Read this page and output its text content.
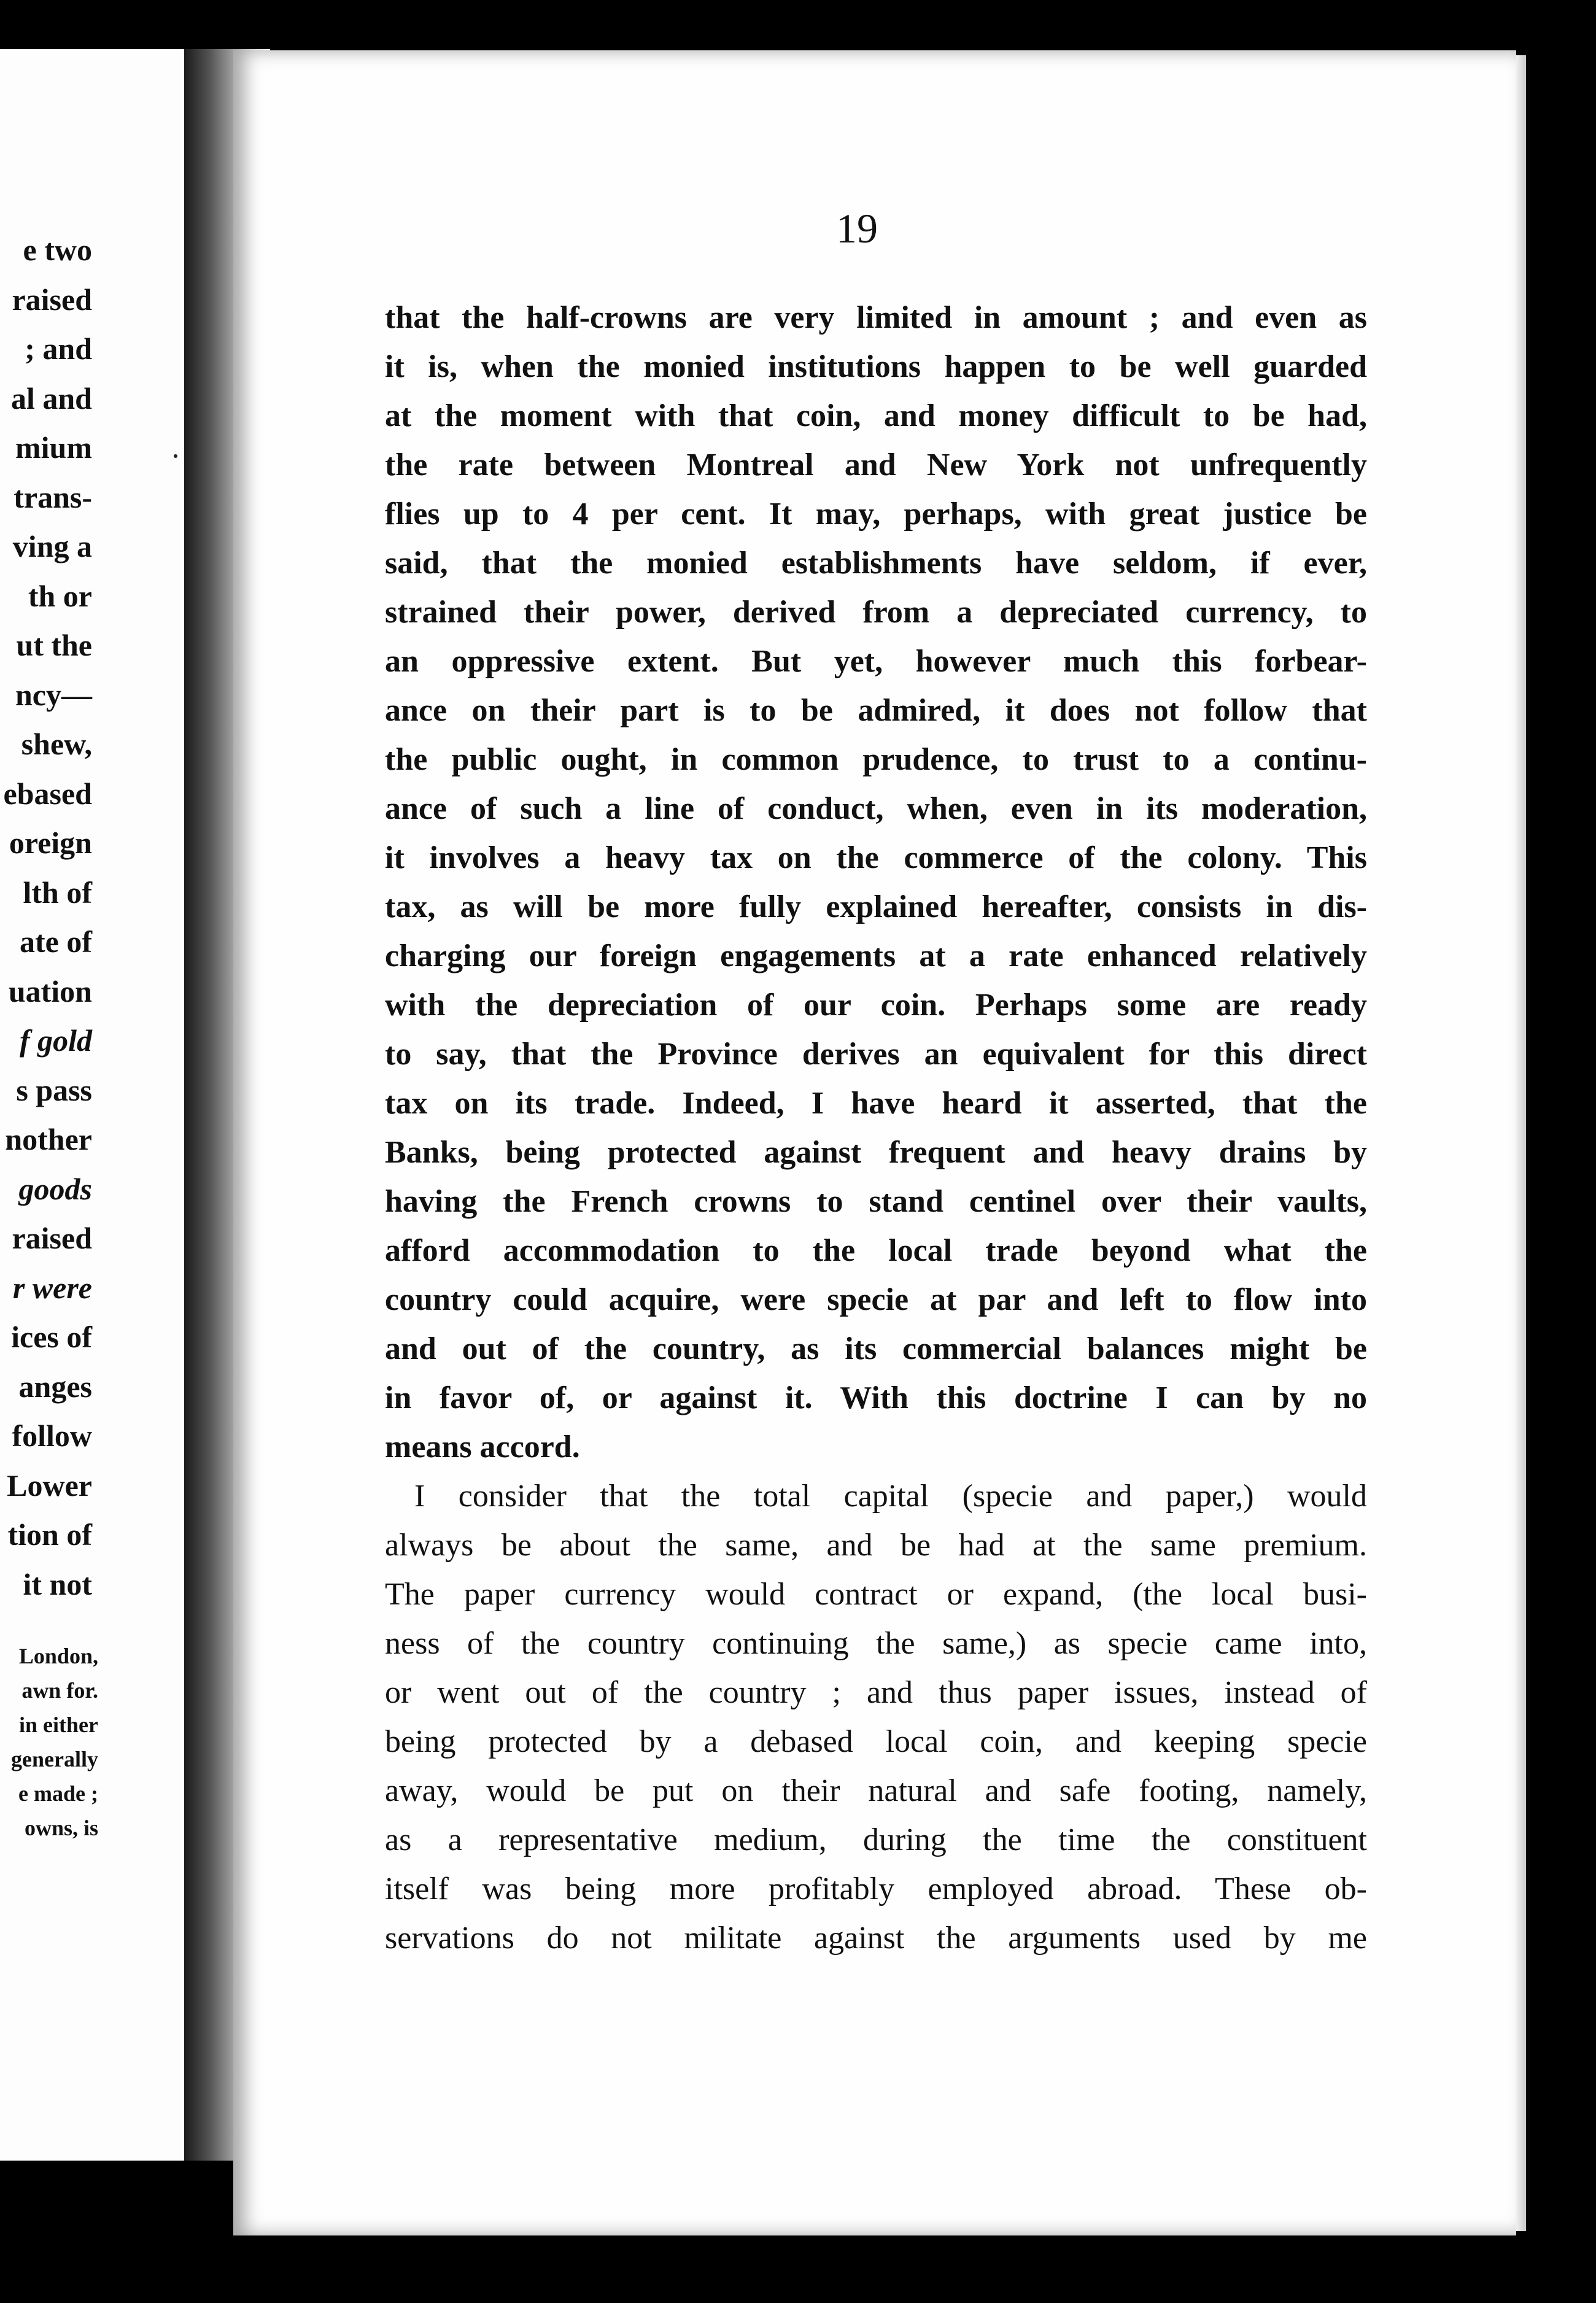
e two
raised
; and
al and
mium
trans-
ving a
th or
ut the
ncy—
shew,
ebased
oreign
lth of
ate of
uation
f gold
s pass
nother
goods
raised
r were
ices of
anges
follow
Lower
tion of
it not
London,
awn for.
in either
generally
e made ;
owns, is
19
that the half-crowns are very limited in amount ; and even as
it is, when the monied institutions happen to be well guarded
at the moment with that coin, and money difficult to be had,
the rate between Montreal and New York not unfrequently
flies up to 4 per cent. It may, perhaps, with great justice be
said, that the monied establishments have seldom, if ever,
strained their power, derived from a depreciated currency, to
an oppressive extent. But yet, however much this forbear-
ance on their part is to be admired, it does not follow that
the public ought, in common prudence, to trust to a continu-
ance of such a line of conduct, when, even in its moderation,
it involves a heavy tax on the commerce of the colony. This
tax, as will be more fully explained hereafter, consists in dis-
charging our foreign engagements at a rate enhanced relatively
with the depreciation of our coin. Perhaps some are ready
to say, that the Province derives an equivalent for this direct
tax on its trade. Indeed, I have heard it asserted, that the
Banks, being protected against frequent and heavy drains by
having the French crowns to stand centinel over their vaults,
afford accommodation to the local trade beyond what the
country could acquire, were specie at par and left to flow into
and out of the country, as its commercial balances might be
in favor of, or against it. With this doctrine I can by no
means accord.
I consider that the total capital (specie and paper,) would
always be about the same, and be had at the same premium.
The paper currency would contract or expand, (the local busi-
ness of the country continuing the same,) as specie came into,
or went out of the country ; and thus paper issues, instead of
being protected by a debased local coin, and keeping specie
away, would be put on their natural and safe footing, namely,
as a representative medium, during the time the constituent
itself was being more profitably employed abroad. These ob-
servations do not militate against the arguments used by me
